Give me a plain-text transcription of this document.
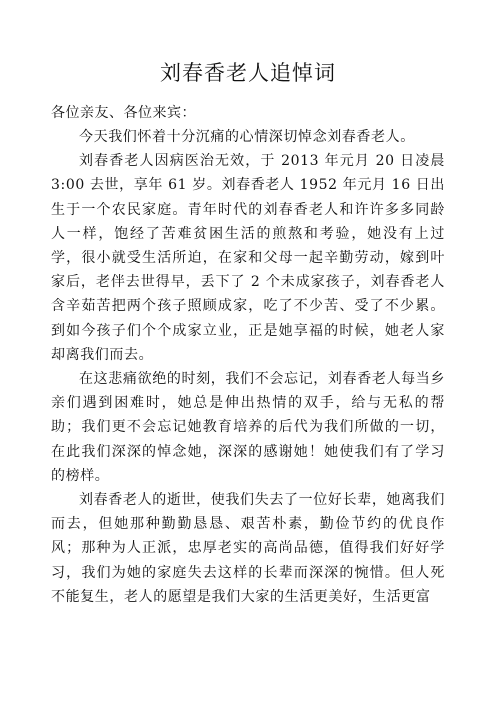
刘春香老人追悼词

各位亲友、各位来宾：

今天我们怀着十分沉痛的心情深切悼念刘春香老人。

刘春香老人因病医治无效，于 2013 年元月 20 日凌晨 3:00 去世，享年 61 岁。刘春香老人 1952 年元月 16 日出生于一个农民家庭。青年时代的刘春香老人和许许多多同龄人一样，饱经了苦难贫困生活的煎熬和考验，她没有上过学，很小就受生活所迫，在家和父母一起辛勤劳动，嫁到叶家后，老伴去世得早，丢下了 2 个未成家孩子，刘春香老人含辛茹苦把两个孩子照顾成家，吃了不少苦、受了不少累。到如今孩子们个个成家立业，正是她享福的时候，她老人家却离我们而去。

在这悲痛欲绝的时刻，我们不会忘记，刘春香老人每当乡亲们遇到困难时，她总是伸出热情的双手，给与无私的帮助；我们更不会忘记她教育培养的后代为我们所做的一切，在此我们深深的悼念她，深深的感谢她！她使我们有了学习的榜样。

刘春香老人的逝世，使我们失去了一位好长辈，她离我们而去，但她那种勤勤恳恳、艰苦朴素，勤俭节约的优良作风；那种为人正派，忠厚老实的高尚品德，值得我们好好学习，我们为她的家庭失去这样的长辈而深深的惋惜。但人死不能复生，老人的愿望是我们大家的生活更美好，生活更富
